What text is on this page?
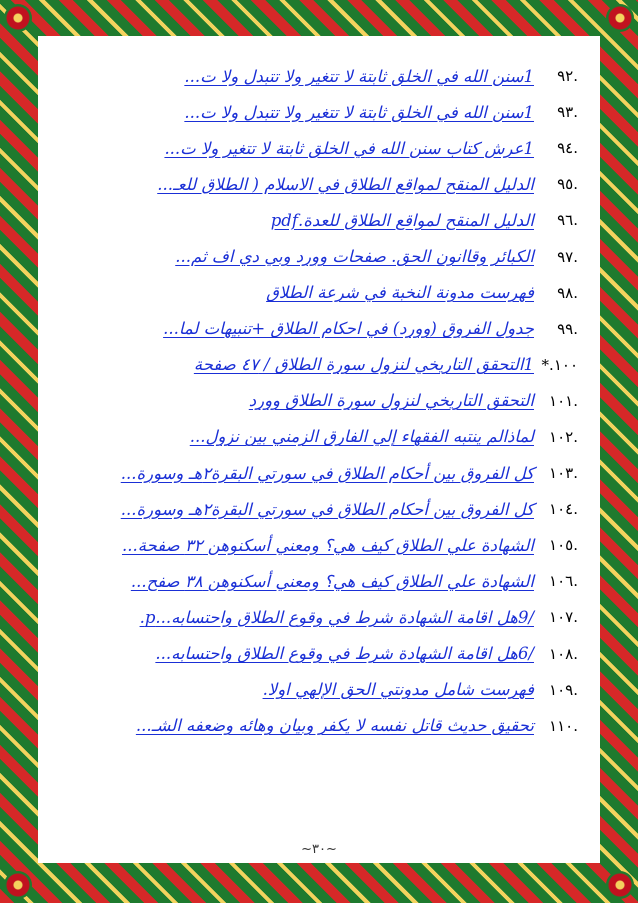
.٩٢
1سنن الله في الخلق ثابتة لا تتغير ولا تتبدل ولا ت...
.٩٣
1سنن الله في الخلق ثابتة لا تتغير ولا تتبدل ولا ت...
.٩٤
1عرش كتاب سنن الله في الخلق ثابتة لا تتغير ولا ت...
.٩٥
الدليل المنقح لمواقع الطلاق في الاسلام ( الطلاق للعـ...
.٩٦
الدليل المنقح لمواقع الطلاق للعدة.pdf
.٩٧
الكبائر وقاانون الحق. صفحات وورد وبي دي اف ثم...
.٩٨
فهرست مدونة النخبة في شرعة الطلاق
.٩٩
جدول الفروق (وورد) في احكام الطلاق +تنبيهات لما...
١٠٠.*
1التحقق التاريخي لنزول سورة الطلاق / ٤٧ صفحة
.١٠١
التحقق التاريخي لنزول سورة الطلاق وورد
.١٠٢
لماذالم ينتبه الفقهاء إلي الفارق الزمني بين نزول...
.١٠٣
كل الفروق بين أحكام الطلاق في سورتي البقرة٢هـ وسورة...
.١٠٤
كل الفروق بين أحكام الطلاق في سورتي البقرة٢هـ وسورة...
.١٠٥
الشهادة علي الطلاق كيف هي؟ ومعني أسكنوهن ٣٢ صفحة...
.١٠٦
الشهادة علي الطلاق كيف هي؟ ومعني أسكنوهن ٣٨ صفح...
.١٠٧
/9هل اقامة الشهادة شرط في وقوع الطلاق واحتسابه...p.
.١٠٨
/6هل اقامة الشهادة شرط في وقوع الطلاق واحتسابه...
.١٠٩
فهرست شامل مدونتي الحق الإلهي اولا.
.١١٠
تحقيق حديث قاتل نفسه لا يكفر وبيان وهائه وضعفه الشـ...
~٣٠~
